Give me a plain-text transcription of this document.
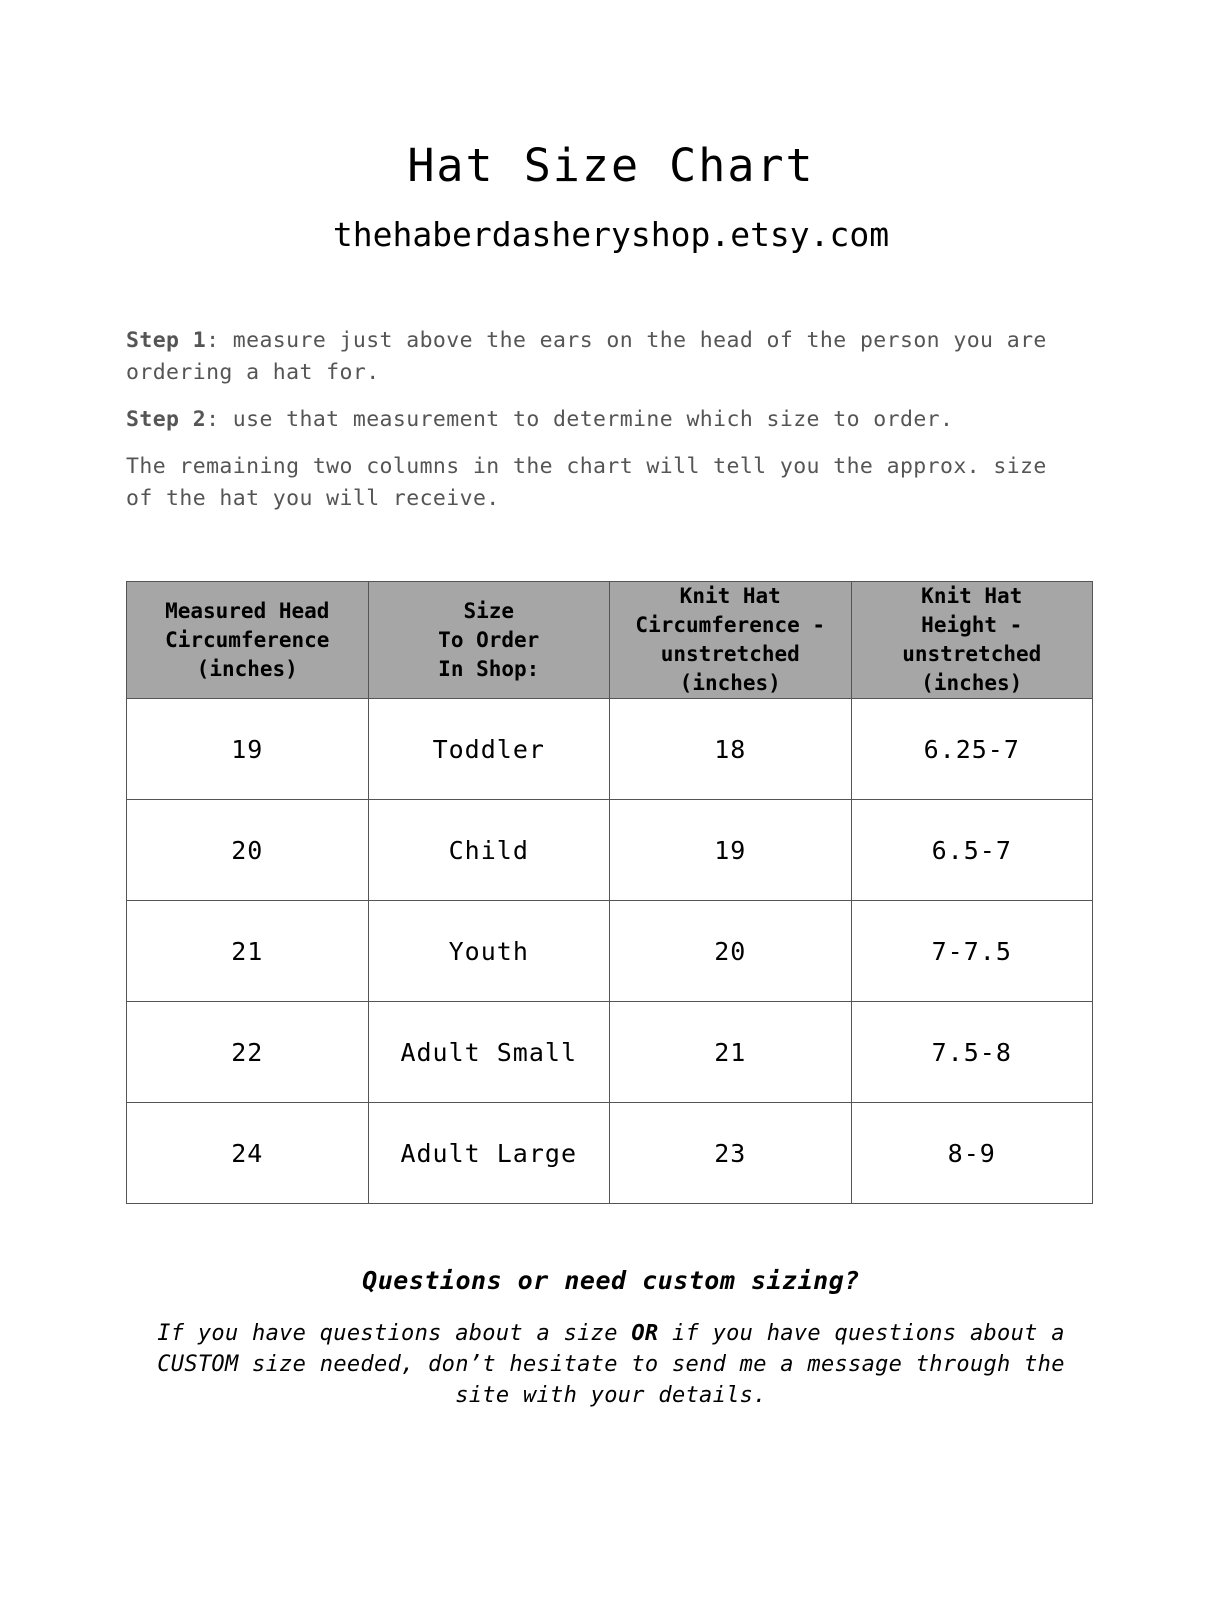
Hat Size Chart
thehaberdasheryshop.etsy.com

Step 1: measure just above the ears on the head of the person you are ordering a hat for.

Step 2: use that measurement to determine which size to order.

The remaining two columns in the chart will tell you the approx. size of the hat you will receive.

Measured Head
Circumference
(inches)	Size
To Order
In Shop:	Knit Hat
Circumference -
unstretched
(inches)	Knit Hat
Height -
unstretched
(inches)
19	Toddler	18	6.25-7
20	Child	19	6.5-7
21	Youth	20	7-7.5
22	Adult Small	21	7.5-8
24	Adult Large	23	8-9
Questions or need custom sizing?

If you have questions about a size OR if you have questions about a CUSTOM size needed, don’t hesitate to send me a message through the site with your details.
